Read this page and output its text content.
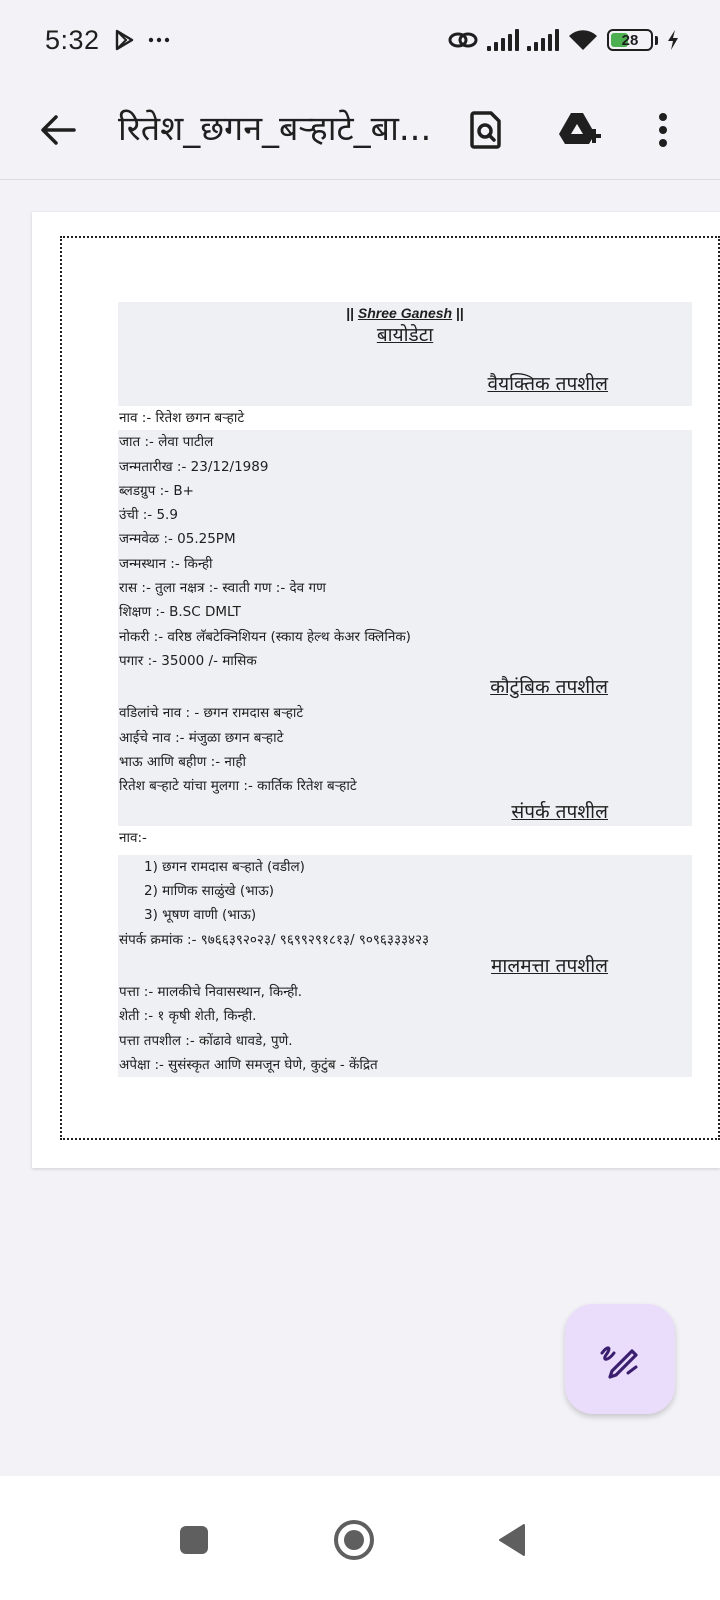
5:32	28
रितेश_छगन_बऱ्हाटे_बा...
|| Shree Ganesh ||
बायोडेटा
वैयक्तिक तपशील
नाव :- रितेश छगन बऱ्हाटे
जात :- लेवा पाटील
जन्मतारीख :- 23/12/1989
ब्लडग्रुप :- B+
उंची :- 5.9
जन्मवेळ :- 05.25PM
जन्मस्थान :- किन्ही
रास :- तुला नक्षत्र :- स्वाती गण :- देव गण
शिक्षण :- B.SC DMLT
नोकरी :- वरिष्ठ लॅबटेक्निशियन (स्काय हेल्थ केअर क्लिनिक)
पगार :- 35000 /- मासिक
कौटुंबिक तपशील
वडिलांचे नाव : - छगन रामदास बऱ्हाटे
आईचे नाव :- मंजुळा छगन बऱ्हाटे
भाऊ आणि बहीण :- नाही
रितेश बऱ्हाटे यांचा मुलगा :- कार्तिक रितेश बऱ्हाटे
संपर्क तपशील
नाव:-
1) छगन रामदास बऱ्हाते (वडील)
2) माणिक साळुंखे (भाऊ)
3) भूषण वाणी (भाऊ)
संपर्क क्रमांक :- ९७६६३९२०२३/ ९६९९२९१८१३/ ९०९६३३३४२३
मालमत्ता तपशील
पत्ता :- मालकीचे निवासस्थान, किन्ही.
शेती :- १ कृषी शेती, किन्ही.
पत्ता तपशील :- कोंढावे धावडे, पुणे.
अपेक्षा :- सुसंस्कृत आणि समजून घेणे, कुटुंब - केंद्रित
